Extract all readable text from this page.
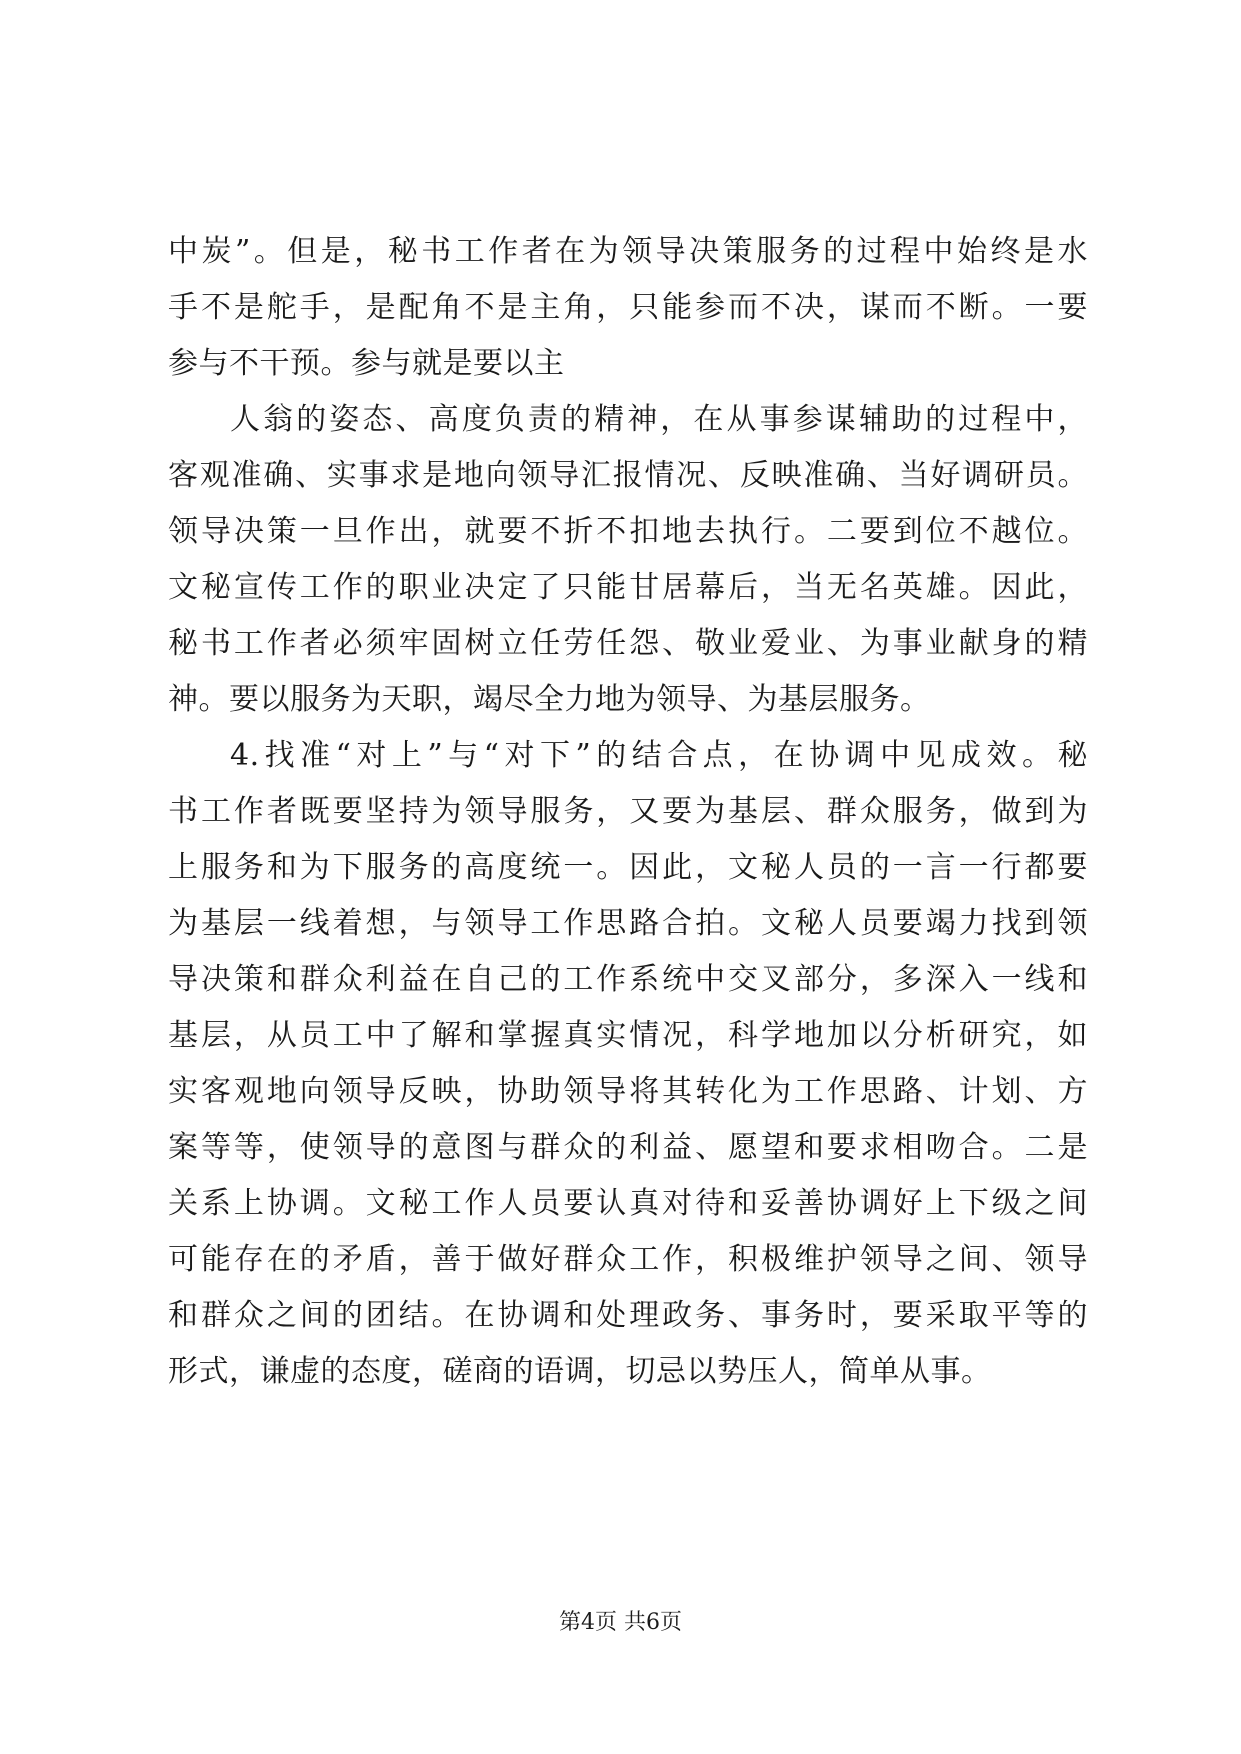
中炭”。但是，秘书工作者在为领导决策服务的过程中始终是水
手不是舵手，是配角不是主角，只能参而不决，谋而不断。一要
参与不干预。参与就是要以主
人翁的姿态、高度负责的精神，在从事参谋辅助的过程中，
客观准确、实事求是地向领导汇报情况、反映准确、当好调研员。
领导决策一旦作出，就要不折不扣地去执行。二要到位不越位。
文秘宣传工作的职业决定了只能甘居幕后，当无名英雄。因此，
秘书工作者必须牢固树立任劳任怨、敬业爱业、为事业献身的精
神。要以服务为天职，竭尽全力地为领导、为基层服务。
4.找准“对上”与“对下”的结合点，在协调中见成效。秘
书工作者既要坚持为领导服务，又要为基层、群众服务，做到为
上服务和为下服务的高度统一。因此，文秘人员的一言一行都要
为基层一线着想，与领导工作思路合拍。文秘人员要竭力找到领
导决策和群众利益在自己的工作系统中交叉部分，多深入一线和
基层，从员工中了解和掌握真实情况，科学地加以分析研究，如
实客观地向领导反映，协助领导将其转化为工作思路、计划、方
案等等，使领导的意图与群众的利益、愿望和要求相吻合。二是
关系上协调。文秘工作人员要认真对待和妥善协调好上下级之间
可能存在的矛盾，善于做好群众工作，积极维护领导之间、领导
和群众之间的团结。在协调和处理政务、事务时，要采取平等的
形式，谦虚的态度，磋商的语调，切忌以势压人，简单从事。
第4页 共6页
